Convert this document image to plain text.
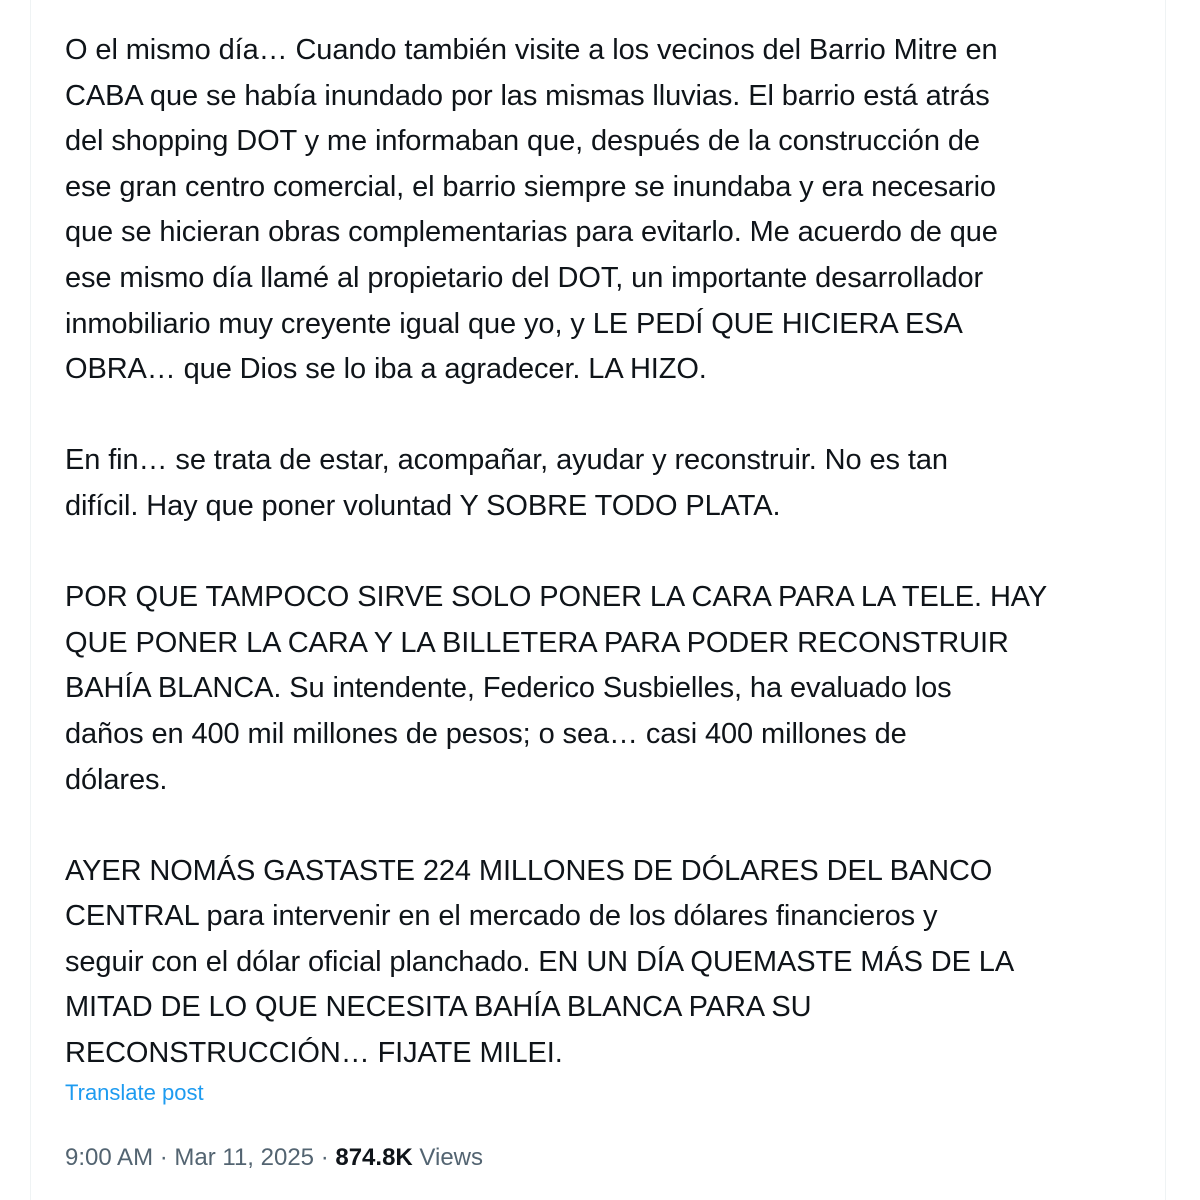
O el mismo día… Cuando también visite a los vecinos del Barrio Mitre en
CABA que se había inundado por las mismas lluvias. El barrio está atrás
del shopping DOT y me informaban que, después de la construcción de
ese gran centro comercial, el barrio siempre se inundaba y era necesario
que se hicieran obras complementarias para evitarlo. Me acuerdo de que
ese mismo día llamé al propietario del DOT, un importante desarrollador
inmobiliario muy creyente igual que yo, y LE PEDÍ QUE HICIERA ESA
OBRA… que Dios se lo iba a agradecer. LA HIZO.
En fin… se trata de estar, acompañar, ayudar y reconstruir. No es tan
difícil. Hay que poner voluntad Y SOBRE TODO PLATA.
POR QUE TAMPOCO SIRVE SOLO PONER LA CARA PARA LA TELE. HAY
QUE PONER LA CARA Y LA BILLETERA PARA PODER RECONSTRUIR
BAHÍA BLANCA. Su intendente, Federico Susbielles, ha evaluado los
daños en 400 mil millones de pesos; o sea… casi 400 millones de
dólares.
AYER NOMÁS GASTASTE 224 MILLONES DE DÓLARES DEL BANCO
CENTRAL para intervenir en el mercado de los dólares financieros y
seguir con el dólar oficial planchado. EN UN DÍA QUEMASTE MÁS DE LA
MITAD DE LO QUE NECESITA BAHÍA BLANCA PARA SU
RECONSTRUCCIÓN… FIJATE MILEI.
Translate post
9:00 AM · Mar 11, 2025 · 874.8K Views
